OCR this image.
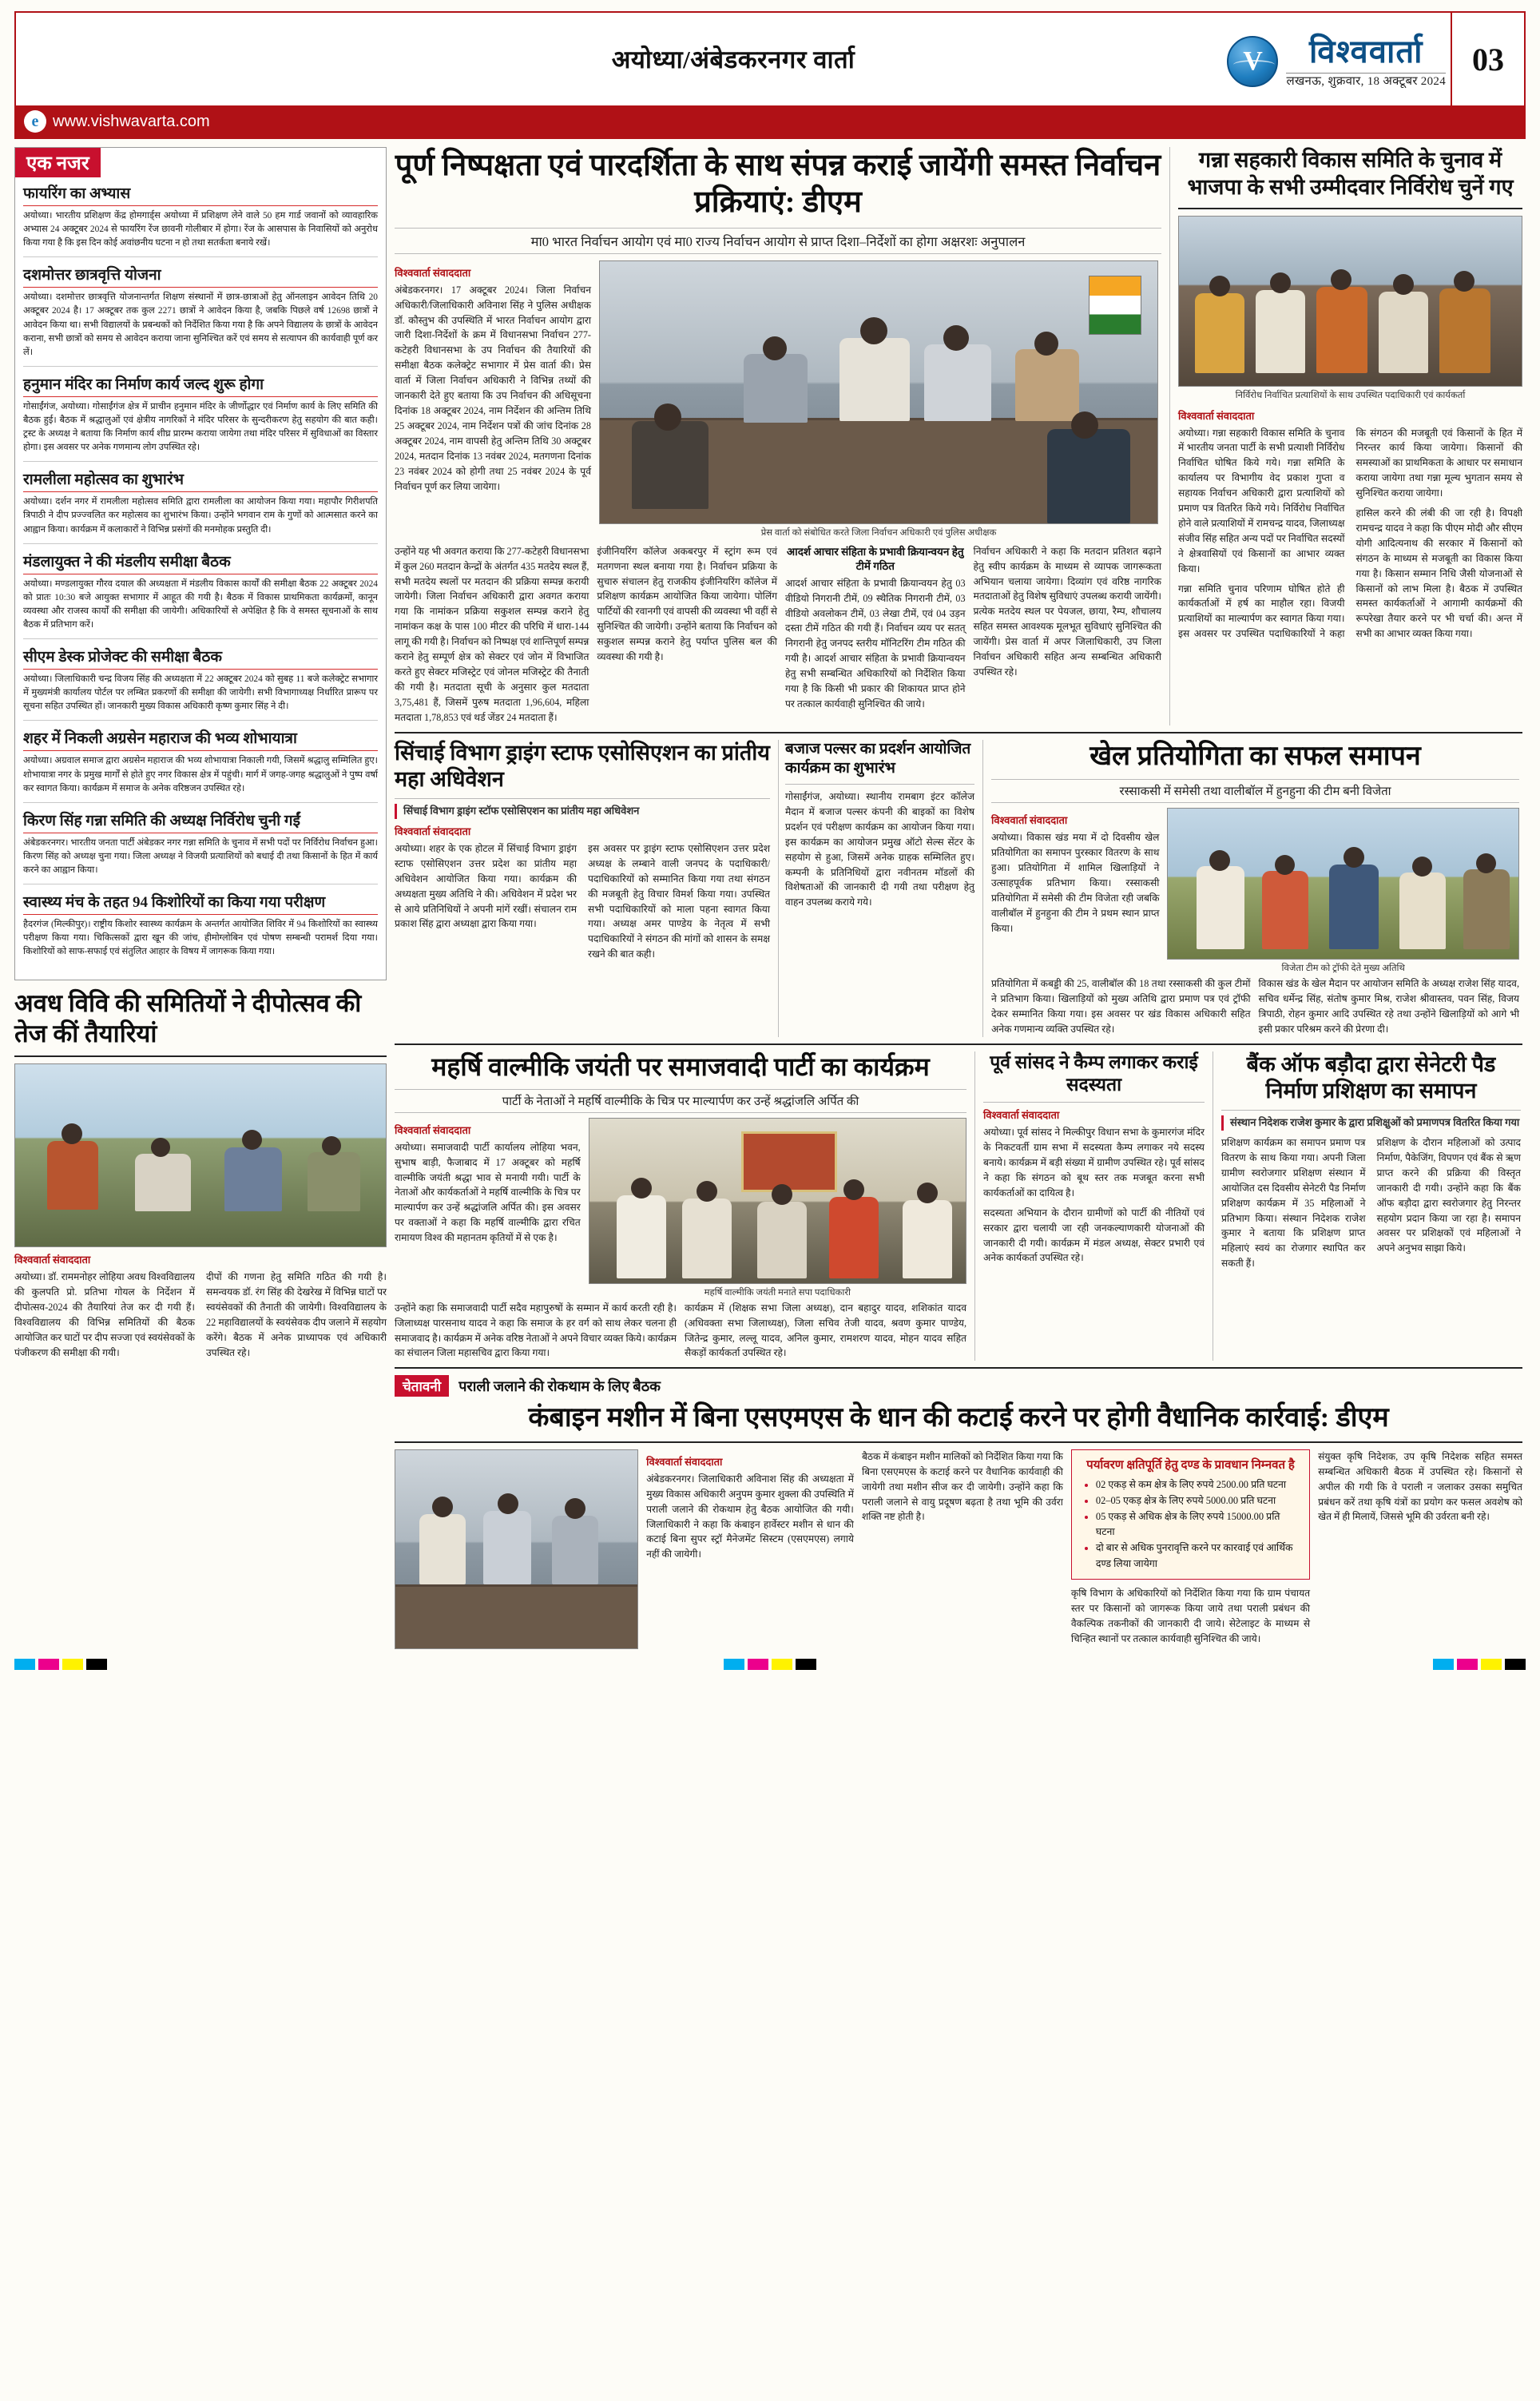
अयोध्या/अंबेडकरनगर वार्ता	V	विश्ववार्ता
लखनऊ, शुक्रवार, 18 अक्टूबर 2024
03
e www.vishwavarta.com
एक नजर
फायरिंग का अभ्यास
अयोध्या। भारतीय प्रशिक्षण केंद्र होमगार्ड्स अयोध्या में प्रशिक्षण लेने वाले 50 हम गार्ड जवानों को व्यावहारिक अभ्यास 24 अक्टूबर 2024 से फायरिंग रेंज छावनी गोलीबार में होगा। रेंज के आसपास के निवासियों को अनुरोध किया गया है कि इस दिन कोई अवांछनीय घटना न हो तथा सतर्कता बनाये रखें।
दशमोत्तर छात्रवृत्ति योजना
अयोध्या। दशमोत्तर छात्रवृत्ति योजनान्तर्गत शिक्षण संस्थानों में छात्र-छात्राओं हेतु ऑनलाइन आवेदन तिथि 20 अक्टूबर 2024 है। 17 अक्टूबर तक कुल 2271 छात्रों ने आवेदन किया है, जबकि पिछले वर्ष 12698 छात्रों ने आवेदन किया था। सभी विद्यालयों के प्रबन्धकों को निर्देशित किया गया है कि अपने विद्यालय के छात्रों के आवेदन कराना, सभी छात्रों को समय से आवेदन कराया जाना सुनिश्चित करें एवं समय से सत्यापन की कार्यवाही पूर्ण कर लें।
हनुमान मंदिर का निर्माण कार्य जल्द शुरू होगा
गोसाईंगंज, अयोध्या। गोसाईंगंज क्षेत्र में प्राचीन हनुमान मंदिर के जीर्णोद्धार एवं निर्माण कार्य के लिए समिति की बैठक हुई। बैठक में श्रद्धालुओं एवं क्षेत्रीय नागरिकों ने मंदिर परिसर के सुन्दरीकरण हेतु सहयोग की बात कही। ट्रस्ट के अध्यक्ष ने बताया कि निर्माण कार्य शीघ्र प्रारम्भ कराया जायेगा तथा मंदिर परिसर में सुविधाओं का विस्तार होगा। इस अवसर पर अनेक गणमान्य लोग उपस्थित रहे।
रामलीला महोत्सव का शुभारंभ
अयोध्या। दर्शन नगर में रामलीला महोत्सव समिति द्वारा रामलीला का आयोजन किया गया। महापौर गिरीशपति त्रिपाठी ने दीप प्रज्ज्वलित कर महोत्सव का शुभारंभ किया। उन्होंने भगवान राम के गुणों को आत्मसात करने का आह्वान किया। कार्यक्रम में कलाकारों ने विभिन्न प्रसंगों की मनमोहक प्रस्तुति दी।
मंडलायुक्त ने की मंडलीय समीक्षा बैठक
अयोध्या। मण्डलायुक्त गौरव दयाल की अध्यक्षता में मंडलीय विकास कार्यों की समीक्षा बैठक 22 अक्टूबर 2024 को प्रातः 10:30 बजे आयुक्त सभागार में आहूत की गयी है। बैठक में विकास प्राथमिकता कार्यक्रमों, कानून व्यवस्था और राजस्व कार्यों की समीक्षा की जायेगी। अधिकारियों से अपेक्षित है कि वे समस्त सूचनाओं के साथ बैठक में प्रतिभाग करें।
सीएम डेस्क प्रोजेक्ट की समीक्षा बैठक
अयोध्या। जिलाधिकारी चन्द्र विजय सिंह की अध्यक्षता में 22 अक्टूबर 2024 को सुबह 11 बजे कलेक्ट्रेट सभागार में मुख्यमंत्री कार्यालय पोर्टल पर लम्बित प्रकरणों की समीक्षा की जायेगी। सभी विभागाध्यक्ष निर्धारित प्रारूप पर सूचना सहित उपस्थित हों। जानकारी मुख्य विकास अधिकारी कृष्ण कुमार सिंह ने दी।
शहर में निकली अग्रसेन महाराज की भव्य शोभायात्रा
अयोध्या। अग्रवाल समाज द्वारा अग्रसेन महाराज की भव्य शोभायात्रा निकाली गयी, जिसमें श्रद्धालु सम्मिलित हुए। शोभायात्रा नगर के प्रमुख मार्गों से होते हुए नगर विकास क्षेत्र में पहुंची। मार्ग में जगह-जगह श्रद्धालुओं ने पुष्प वर्षा कर स्वागत किया। कार्यक्रम में समाज के अनेक वरिष्ठजन उपस्थित रहे।
किरण सिंह गन्ना समिति की अध्यक्ष निर्विरोध चुनी गईं
अंबेडकरनगर। भारतीय जनता पार्टी अंबेडकर नगर गन्ना समिति के चुनाव में सभी पदों पर निर्विरोध निर्वाचन हुआ। किरण सिंह को अध्यक्ष चुना गया। जिला अध्यक्ष ने विजयी प्रत्याशियों को बधाई दी तथा किसानों के हित में कार्य करने का आह्वान किया।
स्वास्थ्य मंच के तहत 94 किशोरियों का किया गया परीक्षण
हैदरगंज (मिल्कीपुर)। राष्ट्रीय किशोर स्वास्थ्य कार्यक्रम के अन्तर्गत आयोजित शिविर में 94 किशोरियों का स्वास्थ्य परीक्षण किया गया। चिकित्सकों द्वारा खून की जांच, हीमोग्लोबिन एवं पोषण सम्बन्धी परामर्श दिया गया। किशोरियों को साफ-सफाई एवं संतुलित आहार के विषय में जागरूक किया गया।
अवध विवि की समितियों ने दीपोत्सव की तेज कीं तैयारियां
विश्ववार्ता संवाददाता
अयोध्या। डॉ. राममनोहर लोहिया अवध विश्वविद्यालय की कुलपति प्रो. प्रतिभा गोयल के निर्देशन में दीपोत्सव-2024 की तैयारियां तेज कर दी गयी हैं। विश्वविद्यालय की विभिन्न समितियों की बैठक आयोजित कर घाटों पर दीप सज्जा एवं स्वयंसेवकों के पंजीकरण की समीक्षा की गयी।
दीपों की गणना हेतु समिति गठित की गयी है। समन्वयक डॉ. रंग सिंह की देखरेख में विभिन्न घाटों पर स्वयंसेवकों की तैनाती की जायेगी। विश्वविद्यालय के 22 महाविद्यालयों के स्वयंसेवक दीप जलाने में सहयोग करेंगे। बैठक में अनेक प्राध्यापक एवं अधिकारी उपस्थित रहे।
पूर्ण निष्पक्षता एवं पारदर्शिता के साथ संपन्न कराई जायेंगी समस्त निर्वाचन प्रक्रियाएं: डीएम
मा0 भारत निर्वाचन आयोग एवं मा0 राज्य निर्वाचन आयोग से प्राप्त दिशा–निर्देशों का होगा अक्षरशः अनुपालन
विश्ववार्ता संवाददाता
अंबेडकरनगर। 17 अक्टूबर 2024। जिला निर्वाचन अधिकारी/जिलाधिकारी अविनाश सिंह ने पुलिस अधीक्षक डॉ. कौस्तुभ की उपस्थिति में भारत निर्वाचन आयोग द्वारा जारी दिशा-निर्देशों के क्रम में विधानसभा निर्वाचन 277-कटेहरी विधानसभा के उप निर्वाचन की तैयारियों की समीक्षा बैठक कलेक्ट्रेट सभागार में प्रेस वार्ता की। प्रेस वार्ता में जिला निर्वाचन अधिकारी ने विभिन्न तथ्यों की जानकारी देते हुए बताया कि उप निर्वाचन की अधिसूचना दिनांक 18 अक्टूबर 2024, नाम निर्देशन की अन्तिम तिथि 25 अक्टूबर 2024, नाम निर्देशन पत्रों की जांच दिनांक 28 अक्टूबर 2024, नाम वापसी हेतु अन्तिम तिथि 30 अक्टूबर 2024, मतदान दिनांक 13 नवंबर 2024, मतगणना दिनांक 23 नवंबर 2024 को होगी तथा 25 नवंबर 2024 के पूर्व निर्वाचन पूर्ण कर लिया जायेगा।
प्रेस वार्ता को संबोधित करते जिला निर्वाचन अधिकारी एवं पुलिस अधीक्षक
उन्होंने यह भी अवगत कराया कि 277-कटेहरी विधानसभा में कुल 260 मतदान केन्द्रों के अंतर्गत 435 मतदेय स्थल हैं, सभी मतदेय स्थलों पर मतदान की प्रक्रिया सम्पन्न करायी जायेगी। जिला निर्वाचन अधिकारी द्वारा अवगत कराया गया कि नामांकन प्रक्रिया सकुशल सम्पन्न कराने हेतु नामांकन कक्ष के पास 100 मीटर की परिधि में धारा-144 लागू की गयी है। निर्वाचन को निष्पक्ष एवं शान्तिपूर्ण सम्पन्न कराने हेतु सम्पूर्ण क्षेत्र को सेक्टर एवं जोन में विभाजित करते हुए सेक्टर मजिस्ट्रेट एवं जोनल मजिस्ट्रेट की तैनाती की गयी है। मतदाता सूची के अनुसार कुल मतदाता 3,75,481 हैं, जिसमें पुरुष मतदाता 1,96,604, महिला मतदाता 1,78,853 एवं थर्ड जेंडर 24 मतदाता हैं।
इंजीनियरिंग कॉलेज अकबरपुर में स्ट्रांग रूम एवं मतगणना स्थल बनाया गया है। निर्वाचन प्रक्रिया के सुचारु संचालन हेतु राजकीय इंजीनियरिंग कॉलेज में प्रशिक्षण कार्यक्रम आयोजित किया जायेगा। पोलिंग पार्टियों की रवानगी एवं वापसी की व्यवस्था भी वहीं से सुनिश्चित की जायेगी। उन्होंने बताया कि निर्वाचन को सकुशल सम्पन्न कराने हेतु पर्याप्त पुलिस बल की व्यवस्था की गयी है।
आदर्श आचार संहिता के प्रभावी क्रियान्वयन हेतु टीमें गठित
आदर्श आचार संहिता के प्रभावी क्रियान्वयन हेतु 03 वीडियो निगरानी टीमें, 09 स्थैतिक निगरानी टीमें, 03 वीडियो अवलोकन टीमें, 03 लेखा टीमें, एवं 04 उड़न दस्ता टीमें गठित की गयी हैं। निर्वाचन व्यय पर सतत् निगरानी हेतु जनपद स्तरीय मॉनिटरिंग टीम गठित की गयी है। आदर्श आचार संहिता के प्रभावी क्रियान्वयन हेतु सभी सम्बन्धित अधिकारियों को निर्देशित किया गया है कि किसी भी प्रकार की शिकायत प्राप्त होने पर तत्काल कार्यवाही सुनिश्चित की जाये।
निर्वाचन अधिकारी ने कहा कि मतदान प्रतिशत बढ़ाने हेतु स्वीप कार्यक्रम के माध्यम से व्यापक जागरूकता अभियान चलाया जायेगा। दिव्यांग एवं वरिष्ठ नागरिक मतदाताओं हेतु विशेष सुविधाएं उपलब्ध करायी जायेंगी। प्रत्येक मतदेय स्थल पर पेयजल, छाया, रैम्प, शौचालय सहित समस्त आवश्यक मूलभूत सुविधाएं सुनिश्चित की जायेंगी। प्रेस वार्ता में अपर जिलाधिकारी, उप जिला निर्वाचन अधिकारी सहित अन्य सम्बन्धित अधिकारी उपस्थित रहे।
गन्ना सहकारी विकास समिति के चुनाव में भाजपा के सभी उम्मीदवार निर्विरोध चुनें गए
निर्विरोध निर्वाचित प्रत्याशियों के साथ उपस्थित पदाधिकारी एवं कार्यकर्ता
विश्ववार्ता संवाददाता
अयोध्या। गन्ना सहकारी विकास समिति के चुनाव में भारतीय जनता पार्टी के सभी प्रत्याशी निर्विरोध निर्वाचित घोषित किये गये। गन्ना समिति के कार्यालय पर विभागीय वेद प्रकाश गुप्ता व सहायक निर्वाचन अधिकारी द्वारा प्रत्याशियों को प्रमाण पत्र वितरित किये गये। निर्विरोध निर्वाचित होने वाले प्रत्याशियों में रामचन्द्र यादव, जिलाध्यक्ष संजीव सिंह सहित अन्य पदों पर निर्वाचित सदस्यों ने क्षेत्रवासियों एवं किसानों का आभार व्यक्त किया।
गन्ना समिति चुनाव परिणाम घोषित होते ही कार्यकर्ताओं में हर्ष का माहौल रहा। विजयी प्रत्याशियों का माल्यार्पण कर स्वागत किया गया। इस अवसर पर उपस्थित पदाधिकारियों ने कहा कि संगठन की मजबूती एवं किसानों के हित में निरन्तर कार्य किया जायेगा। किसानों की समस्याओं का प्राथमिकता के आधार पर समाधान कराया जायेगा तथा गन्ना मूल्य भुगतान समय से सुनिश्चित कराया जायेगा।
हासिल करने की लंबी की जा रही है। विपक्षी रामचन्द्र यादव ने कहा कि पीएम मोदी और सीएम योगी आदित्यनाथ की सरकार में किसानों को संगठन के माध्यम से मजबूती का विकास किया गया है। किसान सम्मान निधि जैसी योजनाओं से किसानों को लाभ मिला है। बैठक में उपस्थित समस्त कार्यकर्ताओं ने आगामी कार्यक्रमों की रूपरेखा तैयार करने पर भी चर्चा की। अन्त में सभी का आभार व्यक्त किया गया।
सिंचाई विभाग ड्राइंग स्टाफ एसोसिएशन का प्रांतीय महा अधिवेशन
सिंचाई विभाग ड्राइंग स्टॉफ एसोसिएशन का प्रांतीय महा अधिवेशन
विश्ववार्ता संवाददाता
अयोध्या। शहर के एक होटल में सिंचाई विभाग ड्राइंग स्टाफ एसोसिएशन उत्तर प्रदेश का प्रांतीय महा अधिवेशन आयोजित किया गया। कार्यक्रम की अध्यक्षता मुख्य अतिथि ने की। अधिवेशन में प्रदेश भर से आये प्रतिनिधियों ने अपनी मांगें रखीं। संचालन राम प्रकाश सिंह द्वारा अध्यक्षा द्वारा किया गया।
इस अवसर पर ड्राइंग स्टाफ एसोसिएशन उत्तर प्रदेश अध्यक्ष के लम्बाने वाली जनपद के पदाधिकारी/ पदाधिकारियों को सम्मानित किया गया तथा संगठन की मजबूती हेतु विचार विमर्श किया गया। उपस्थित सभी पदाधिकारियों को माला पहना स्वागत किया गया। अध्यक्ष अमर पाण्डेय के नेतृत्व में सभी पदाधिकारियों ने संगठन की मांगों को शासन के समक्ष रखने की बात कही।
बजाज पल्सर का प्रदर्शन आयोजित कार्यक्रम का शुभारंभ
गोसाईंगंज, अयोध्या। स्थानीय रामबाग इंटर कॉलेज मैदान में बजाज पल्सर कंपनी की बाइकों का विशेष प्रदर्शन एवं परीक्षण कार्यक्रम का आयोजन किया गया। इस कार्यक्रम का आयोजन प्रमुख ऑटो सेल्स सेंटर के सहयोग से हुआ, जिसमें अनेक ग्राहक सम्मिलित हुए। कम्पनी के प्रतिनिधियों द्वारा नवीनतम मॉडलों की विशेषताओं की जानकारी दी गयी तथा परीक्षण हेतु वाहन उपलब्ध कराये गये।
खेल प्रतियोगिता का सफल समापन
रस्साकसी में समेसी तथा वालीबॉल में हुनहुना की टीम बनी विजेता
विश्ववार्ता संवाददाता
अयोध्या। विकास खंड मया में दो दिवसीय खेल प्रतियोगिता का समापन पुरस्कार वितरण के साथ हुआ। प्रतियोगिता में शामिल खिलाड़ियों ने उत्साहपूर्वक प्रतिभाग किया। रस्साकसी प्रतियोगिता में समेसी की टीम विजेता रही जबकि वालीबॉल में हुनहुना की टीम ने प्रथम स्थान प्राप्त किया।
विजेता टीम को ट्रॉफी देते मुख्य अतिथि
प्रतियोगिता में कबड्डी की 25, वालीबॉल की 18 तथा रस्साकसी की कुल टीमों ने प्रतिभाग किया। खिलाड़ियों को मुख्य अतिथि द्वारा प्रमाण पत्र एवं ट्रॉफी देकर सम्मानित किया गया। इस अवसर पर खंड विकास अधिकारी सहित अनेक गणमान्य व्यक्ति उपस्थित रहे।
विकास खंड के खेल मैदान पर आयोजन समिति के अध्यक्ष राजेश सिंह यादव, सचिव धर्मेन्द्र सिंह, संतोष कुमार मिश्र, राजेश श्रीवास्तव, पवन सिंह, विजय त्रिपाठी, रोहन कुमार आदि उपस्थित रहे तथा उन्होंने खिलाड़ियों को आगे भी इसी प्रकार परिश्रम करने की प्रेरणा दी।
महर्षि वाल्मीकि जयंती पर समाजवादी पार्टी का कार्यक्रम
पार्टी के नेताओं ने महर्षि वाल्मीकि के चित्र पर माल्यार्पण कर उन्हें श्रद्धांजलि अर्पित की
विश्ववार्ता संवाददाता
अयोध्या। समाजवादी पार्टी कार्यालय लोहिया भवन, सुभाष बाड़ी, फैजाबाद में 17 अक्टूबर को महर्षि वाल्मीकि जयंती श्रद्धा भाव से मनायी गयी। पार्टी के नेताओं और कार्यकर्ताओं ने महर्षि वाल्मीकि के चित्र पर माल्यार्पण कर उन्हें श्रद्धांजलि अर्पित की। इस अवसर पर वक्ताओं ने कहा कि महर्षि वाल्मीकि द्वारा रचित रामायण विश्व की महानतम कृतियों में से एक है।
महर्षि वाल्मीकि जयंती मनाते सपा पदाधिकारी
उन्होंने कहा कि समाजवादी पार्टी सदैव महापुरुषों के सम्मान में कार्य करती रही है। जिलाध्यक्ष पारसनाथ यादव ने कहा कि समाज के हर वर्ग को साथ लेकर चलना ही समाजवाद है। कार्यक्रम में अनेक वरिष्ठ नेताओं ने अपने विचार व्यक्त किये। कार्यक्रम का संचालन जिला महासचिव द्वारा किया गया।
कार्यक्रम में (शिक्षक सभा जिला अध्यक्ष), दान बहादुर यादव, शशिकांत यादव (अधिवक्ता सभा जिलाध्यक्ष), जिला सचिव तेजी यादव, श्रवण कुमार पाण्डेय, जितेन्द्र कुमार, लल्लू यादव, अनिल कुमार, रामशरण यादव, मोहन यादव सहित सैकड़ों कार्यकर्ता उपस्थित रहे।
पूर्व सांसद ने कैम्प लगाकर कराई सदस्यता
विश्ववार्ता संवाददाता
अयोध्या। पूर्व सांसद ने मिल्कीपुर विधान सभा के कुमारगंज मंदिर के निकटवर्ती ग्राम सभा में सदस्यता कैम्प लगाकर नये सदस्य बनाये। कार्यक्रम में बड़ी संख्या में ग्रामीण उपस्थित रहे। पूर्व सांसद ने कहा कि संगठन को बूथ स्तर तक मजबूत करना सभी कार्यकर्ताओं का दायित्व है।
सदस्यता अभियान के दौरान ग्रामीणों को पार्टी की नीतियों एवं सरकार द्वारा चलायी जा रही जनकल्याणकारी योजनाओं की जानकारी दी गयी। कार्यक्रम में मंडल अध्यक्ष, सेक्टर प्रभारी एवं अनेक कार्यकर्ता उपस्थित रहे।
बैंक ऑफ बड़ौदा द्वारा सेनेटरी पैड निर्माण प्रशिक्षण का समापन
संस्थान निदेशक राजेश कुमार के द्वारा प्रशिक्षुओं को प्रमाणपत्र वितरित किया गया
प्रशिक्षण कार्यक्रम का समापन प्रमाण पत्र वितरण के साथ किया गया। अपनी जिला ग्रामीण स्वरोजगार प्रशिक्षण संस्थान में आयोजित दस दिवसीय सेनेटरी पैड निर्माण प्रशिक्षण कार्यक्रम में 35 महिलाओं ने प्रतिभाग किया। संस्थान निदेशक राजेश कुमार ने बताया कि प्रशिक्षण प्राप्त महिलाएं स्वयं का रोजगार स्थापित कर सकती हैं।
प्रशिक्षण के दौरान महिलाओं को उत्पाद निर्माण, पैकेजिंग, विपणन एवं बैंक से ऋण प्राप्त करने की प्रक्रिया की विस्तृत जानकारी दी गयी। उन्होंने कहा कि बैंक ऑफ बड़ौदा द्वारा स्वरोजगार हेतु निरन्तर सहयोग प्रदान किया जा रहा है। समापन अवसर पर प्रशिक्षकों एवं महिलाओं ने अपने अनुभव साझा किये।
चेतावनी	पराली जलाने की रोकथाम के लिए बैठक
कंबाइन मशीन में बिना एसएमएस के धान की कटाई करने पर होगी वैधानिक कार्रवाई: डीएम
विश्ववार्ता संवाददाता
अंबेडकरनगर। जिलाधिकारी अविनाश सिंह की अध्यक्षता में मुख्य विकास अधिकारी अनुपम कुमार शुक्ला की उपस्थिति में पराली जलाने की रोकथाम हेतु बैठक आयोजित की गयी। जिलाधिकारी ने कहा कि कंबाइन हार्वेस्टर मशीन से धान की कटाई बिना सुपर स्ट्रॉ मैनेजमेंट सिस्टम (एसएमएस) लगाये नहीं की जायेगी।
बैठक में कंबाइन मशीन मालिकों को निर्देशित किया गया कि बिना एसएमएस के कटाई करने पर वैधानिक कार्यवाही की जायेगी तथा मशीन सीज कर दी जायेगी। उन्होंने कहा कि पराली जलाने से वायु प्रदूषण बढ़ता है तथा भूमि की उर्वरा शक्ति नष्ट होती है।
पर्यावरण क्षतिपूर्ति हेतु दण्ड के प्रावधान निम्नवत है
• 02 एकड़ से कम क्षेत्र के लिए रुपये 2500.00 प्रति घटना
• 02–05 एकड़ क्षेत्र के लिए रुपये 5000.00 प्रति घटना
• 05 एकड़ से अधिक क्षेत्र के लिए रुपये 15000.00 प्रति घटना
• दो बार से अधिक पुनरावृत्ति करने पर कारवाई एवं आर्थिक दण्ड लिया जायेगा
कृषि विभाग के अधिकारियों को निर्देशित किया गया कि ग्राम पंचायत स्तर पर किसानों को जागरूक किया जाये तथा पराली प्रबंधन की वैकल्पिक तकनीकों की जानकारी दी जाये। सेटेलाइट के माध्यम से चिन्हित स्थानों पर तत्काल कार्यवाही सुनिश्चित की जाये।
संयुक्त कृषि निदेशक, उप कृषि निदेशक सहित समस्त सम्बन्धित अधिकारी बैठक में उपस्थित रहे। किसानों से अपील की गयी कि वे पराली न जलाकर उसका समुचित प्रबंधन करें तथा कृषि यंत्रों का प्रयोग कर फसल अवशेष को खेत में ही मिलायें, जिससे भूमि की उर्वरता बनी रहे।
